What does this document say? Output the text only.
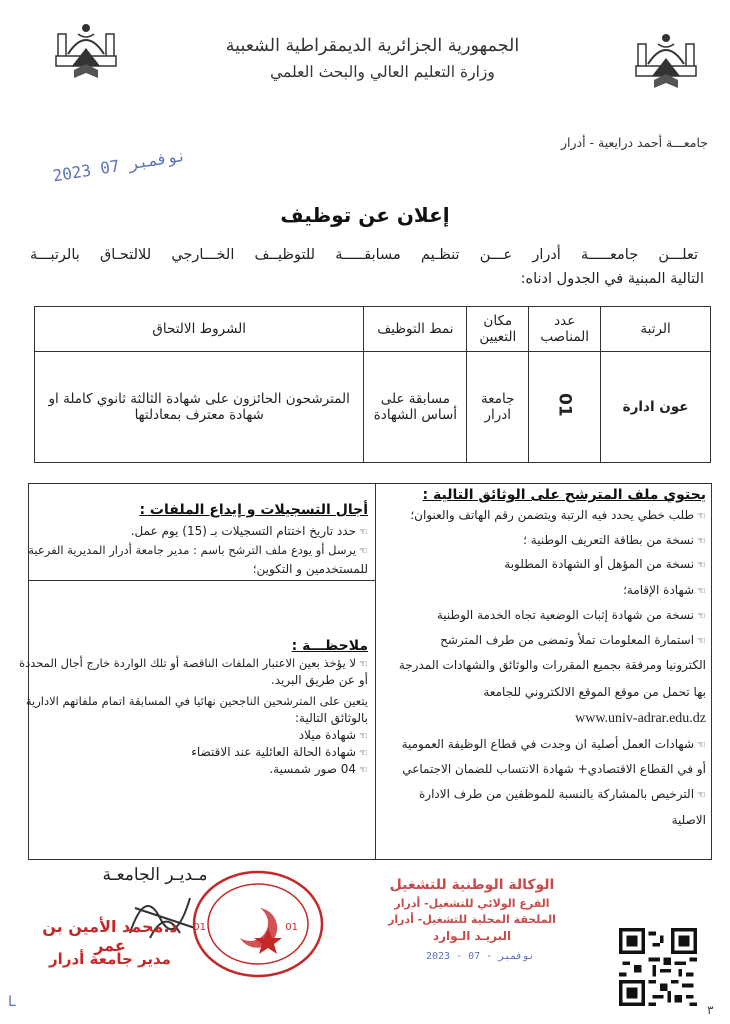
الجمهورية الجزائرية الديمقراطية الشعبية
وزارة التعليم العالي والبحث العلمي
جامعـــة أحمد درايعية - أدرار
2023 نوفمبر 07
إعلان عن توظيف
تعلـــن جامعـــــة أدرار عـــن تنظـيم مسابقـــــة للتوظيــف الخـــارجي للالتحـاق بالرتبـــة
التالية المبنية في الجدول ادناه:
الرتبة	عدد المناصب	مكان التعيين	نمط التوظيف	الشروط الالتحاق
عون ادارة	01	جامعة ادرار	مسابقة على أساس الشهادة	المترشحون الحائزون على شهادة الثالثة ثانوي كاملة او شهادة معترف بمعادلتها
يحتوي ملف المترشح على الوثائق التالية :
☜طلب خطي يحدد فيه الرتبة ويتضمن رقم الهاتف والعنوان؛
☜نسخة من بطاقة التعريف الوطنية ؛
☜نسخة من المؤهل أو الشهادة المطلوبة
☜شهادة الإقامة؛
☜نسخة من شهادة إثبات الوضعية تجاه الخدمة الوطنية
☜استمارة المعلومات تملأ وتمضى من طرف المترشح
الكترونيا ومرفقة بجميع المقررات والوثائق والشهادات المدرجة
بها تحمل من موقع الموقع الالكتروني للجامعة
www.univ-adrar.edu.dz
☜شهادات العمل أصلية ان وجدت في قطاع الوظيفة العمومية
أو في القطاع الاقتصادي+ شهادة الانتساب للضمان الاجتماعي
☜الترخيص بالمشاركة بالنسبة للموظفين من طرف الادارة
الاصلية
أجال التسجيلات و إيداع الملفات :
☜حدد تاريخ اختتام التسجيلات بـ (15) يوم عمل.
☜يرسل أو يودع ملف الترشح باسم : مدير جامعة أدرار المديرية الفرعية
للمستخدمين و التكوين؛
ملاحظـــة :
☜لا يؤخذ بعين الاعتبار الملفات الناقصة أو تلك الواردة خارج أجال المحددة
أو عن طريق البريد.
يتعين على المترشحين الناجحين نهائيا في المسابقة اتمام ملفاتهم الادارية
بالوثائق التالية:
☜شهادة ميلاد
☜شهادة الحالة العائلية عند الاقتضاء
☜04 صور شمسية.
مـديـر الجامعـة
د.محمد الأمين بن عمر
مدير جامعة أدرار
01	01
الوكالة الوطنية للتشغيل
الفرع الولائي للتشغيل- أدرار
الملحقة المحلية للتشغيل- أدرار
البريـد الـوارد
2023 - 07 - نوفمبر
٣
ᒪ
